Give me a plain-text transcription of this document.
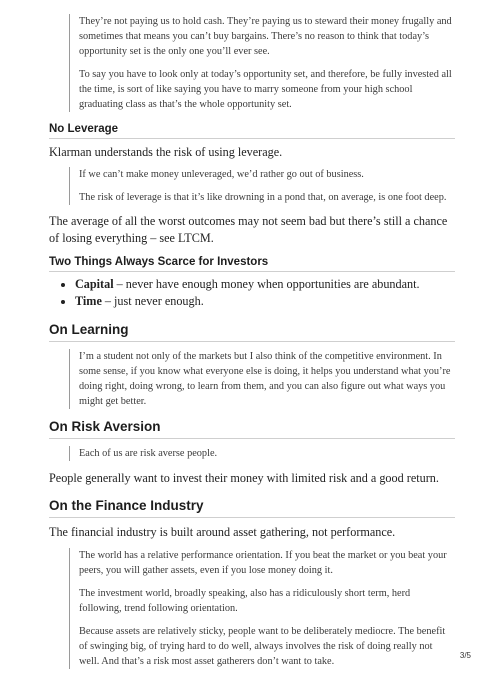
They’re not paying us to hold cash. They’re paying us to steward their money frugally and sometimes that means you can’t buy bargains. There’s no reason to think that today’s opportunity set is the only one you’ll ever see.

To say you have to look only at today’s opportunity set, and therefore, be fully invested all the time, is sort of like saying you have to marry someone from your high school graduating class as that’s the whole opportunity set.

No Leverage

Klarman understands the risk of using leverage.

If we can’t make money unleveraged, we’d rather go out of business.

The risk of leverage is that it’s like drowning in a pond that, on average, is one foot deep.

The average of all the worst outcomes may not seem bad but there’s still a chance of losing everything – see LTCM.

Two Things Always Scarce for Investors
• Capital – never have enough money when opportunities are abundant.
• Time – just never enough.
On Learning

I’m a student not only of the markets but I also think of the competitive environment. In some sense, if you know what everyone else is doing, it helps you understand what you’re doing right, doing wrong, to learn from them, and you can also figure out what ways you might get better.

On Risk Aversion

Each of us are risk averse people.

People generally want to invest their money with limited risk and a good return.

On the Finance Industry

The financial industry is built around asset gathering, not performance.

The world has a relative performance orientation. If you beat the market or you beat your peers, you will gather assets, even if you lose money doing it.

The investment world, broadly speaking, also has a ridiculously short term, herd following, trend following orientation.

Because assets are relatively sticky, people want to be deliberately mediocre. The benefit of swinging big, of trying hard to do well, always involves the risk of doing really not well. And that’s a risk most asset gatherers don’t want to take.

3/5
